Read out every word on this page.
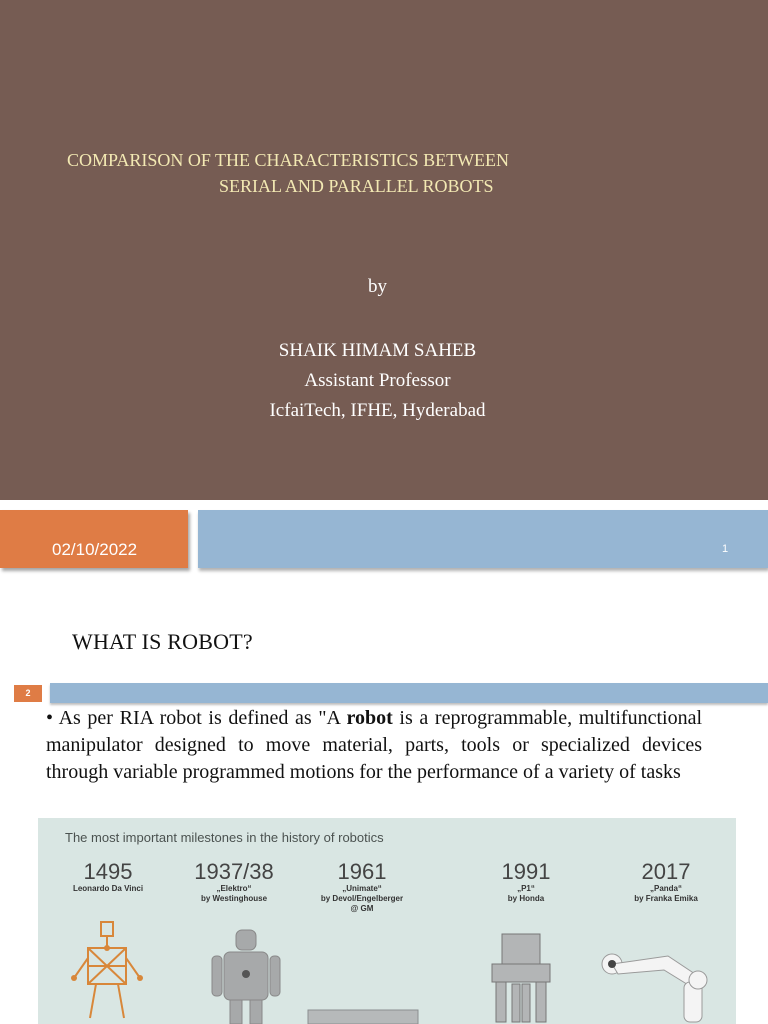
COMPARISON OF THE CHARACTERISTICS BETWEEN
SERIAL AND PARALLEL ROBOTS
by
SHAIK HIMAM SAHEB
Assistant Professor
IcfaiTech, IFHE, Hyderabad
02/10/2022	1
WHAT IS ROBOT?
2
• As per RIA robot is defined as "A robot is a reprogrammable, multifunctional manipulator designed to move material, parts, tools or specialized devices through variable programmed motions for the performance of a variety of tasks
The most important milestones in the history of robotics
1495
Leonardo Da Vinci
1937/38
„Elektro“
by Westinghouse
1961
„Unimate“
by Devol/Engelberger @ GM
1991
„P1“
by Honda
2017
„Panda“
by Franka Emika
